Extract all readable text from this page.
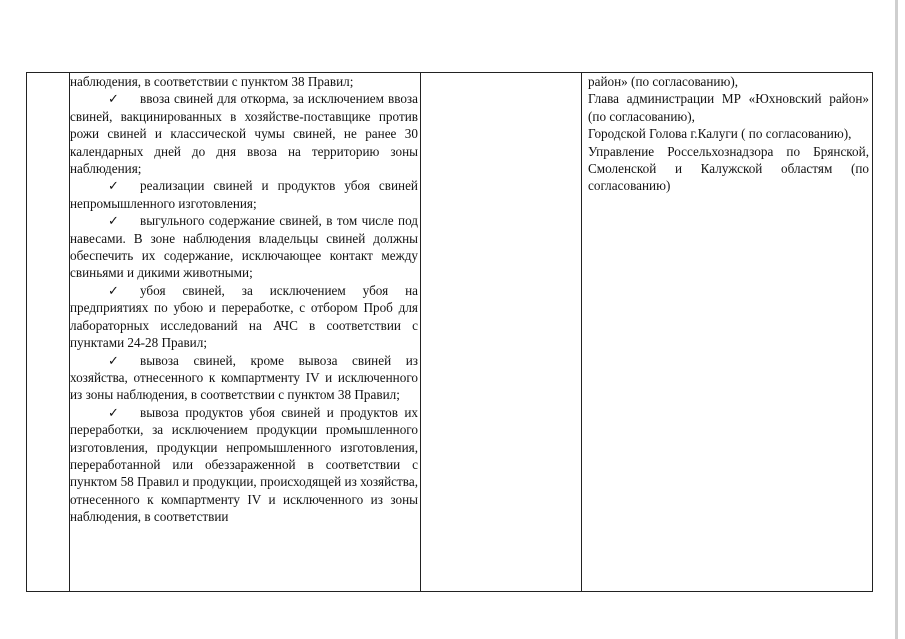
наблюдения, в соответствии с пунктом 38 Правил;

✓ ввоза свиней для откорма, за исключением ввоза свиней, вакцинированных в хозяйстве-поставщике против рожи свиней и классической чумы свиней, не ранее 30 календарных дней до дня ввоза на территорию зоны наблюдения;

✓ реализации свиней и продуктов убоя свиней непромышленного изготовления;

✓ выгульного содержание свиней, в том числе под навесами. В зоне наблюдения владельцы свиней должны обеспечить их содержание, исключающее контакт между свиньями и дикими животными;

✓ убоя свиней, за исключением убоя на предприятиях по убою и переработке, с отбором Проб для лабораторных исследований на АЧС в соответствии с пунктами 24-28 Правил;

✓ вывоза свиней, кроме вывоза свиней из хозяйства, отнесенного к компартменту IV и исключенного из зоны наблюдения, в соответствии с пунктом 38 Правил;

✓ вывоза продуктов убоя свиней и продуктов их переработки, за исключением продукции промышленного изготовления, продукции непромышленного изготовления, переработанной или обеззараженной в соответствии с пунктом 58 Правил и продукции, происходящей из хозяйства, отнесенного к компартменту IV и исключенного из зоны наблюдения, в соответствии

район» (по согласованию),

Глава администрации МР «Юхновский район» (по согласованию),

Городской Голова г.Калуги ( по согласованию),

Управление Россельхознадзора по Брянской, Смоленской и Калужской областям (по согласованию)
